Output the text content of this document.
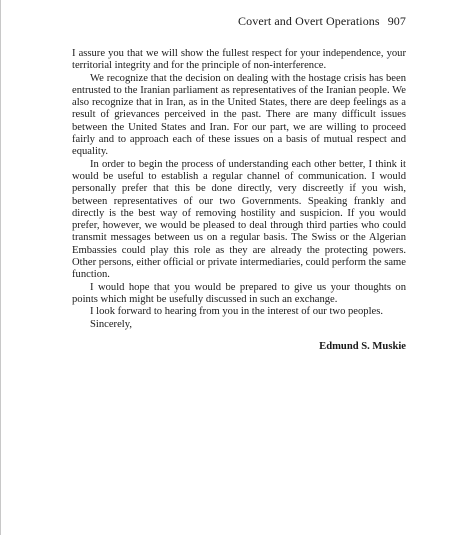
Covert and Overt Operations 907

I assure you that we will show the fullest respect for your independence, your territorial integrity and for the principle of non-interference.

We recognize that the decision on dealing with the hostage crisis has been entrusted to the Iranian parliament as representatives of the Iranian people. We also recognize that in Iran, as in the United States, there are deep feelings as a result of grievances perceived in the past. There are many difficult issues between the United States and Iran. For our part, we are willing to proceed fairly and to approach each of these issues on a basis of mutual respect and equality.

In order to begin the process of understanding each other better, I think it would be useful to establish a regular channel of communication. I would personally prefer that this be done directly, very discreetly if you wish, between representatives of our two Governments. Speaking frankly and directly is the best way of removing hostility and suspicion. If you would prefer, however, we would be pleased to deal through third parties who could transmit messages between us on a regular basis. The Swiss or the Algerian Embassies could play this role as they are already the protecting powers. Other persons, either official or private intermediaries, could perform the same function.

I would hope that you would be prepared to give us your thoughts on points which might be usefully discussed in such an exchange.

I look forward to hearing from you in the interest of our two peoples.

Sincerely,

Edmund S. Muskie
